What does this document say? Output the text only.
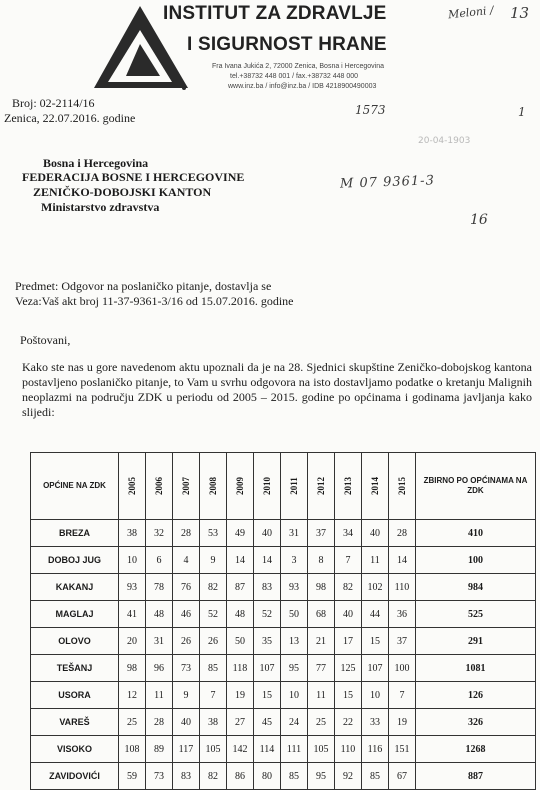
INSTITUT ZA ZDRAVLJE
I SIGURNOST HRANE
Fra Ivana Jukića 2, 72000 Zenica, Bosna i Hercegovina
tel.+38732 448 001 / fax.+38732 448 000
www.inz.ba / info@inz.ba / IDB 4218900490003
Meloni / 13
1573	1
M 07 9361-3
16
20-04-1903
Broj: 02-2114/16
Zenica, 22.07.2016. godine
Bosna i Hercegovina
FEDERACIJA BOSNE I HERCEGOVINE
ZENIČKO-DOBOJSKI KANTON
Ministarstvo zdravstva
Predmet: Odgovor na poslaničko pitanje, dostavlja se
Veza:Vaš akt broj 11-37-9361-3/16 od 15.07.2016. godine
Poštovani,
Kako ste nas u gore navedenom aktu upoznali da je na 28. Sjednici skupštine Zeničko-dobojskog kantona postavljeno poslaničko pitanje, to Vam u svrhu odgovora na isto dostavljamo podatke o kretanju Malignih neoplazmi na području ZDK u periodu od 2005 – 2015. godine po općinama i godinama javljanja kako slijedi:
OPĆINE NA ZDK	2005	2006	2007	2008	2009	2010	2011	2012	2013	2014	2015	ZBIRNO PO OPĆINAMA NA ZDK
BREZA	38	32	28	53	49	40	31	37	34	40	28	410
DOBOJ JUG	10	6	4	9	14	14	3	8	7	11	14	100
KAKANJ	93	78	76	82	87	83	93	98	82	102	110	984
MAGLAJ	41	48	46	52	48	52	50	68	40	44	36	525
OLOVO	20	31	26	26	50	35	13	21	17	15	37	291
TEŠANJ	98	96	73	85	118	107	95	77	125	107	100	1081
USORA	12	11	9	7	19	15	10	11	15	10	7	126
VAREŠ	25	28	40	38	27	45	24	25	22	33	19	326
VISOKO	108	89	117	105	142	114	111	105	110	116	151	1268
ZAVIDOVIĆI	59	73	83	82	86	80	85	95	92	85	67	887
